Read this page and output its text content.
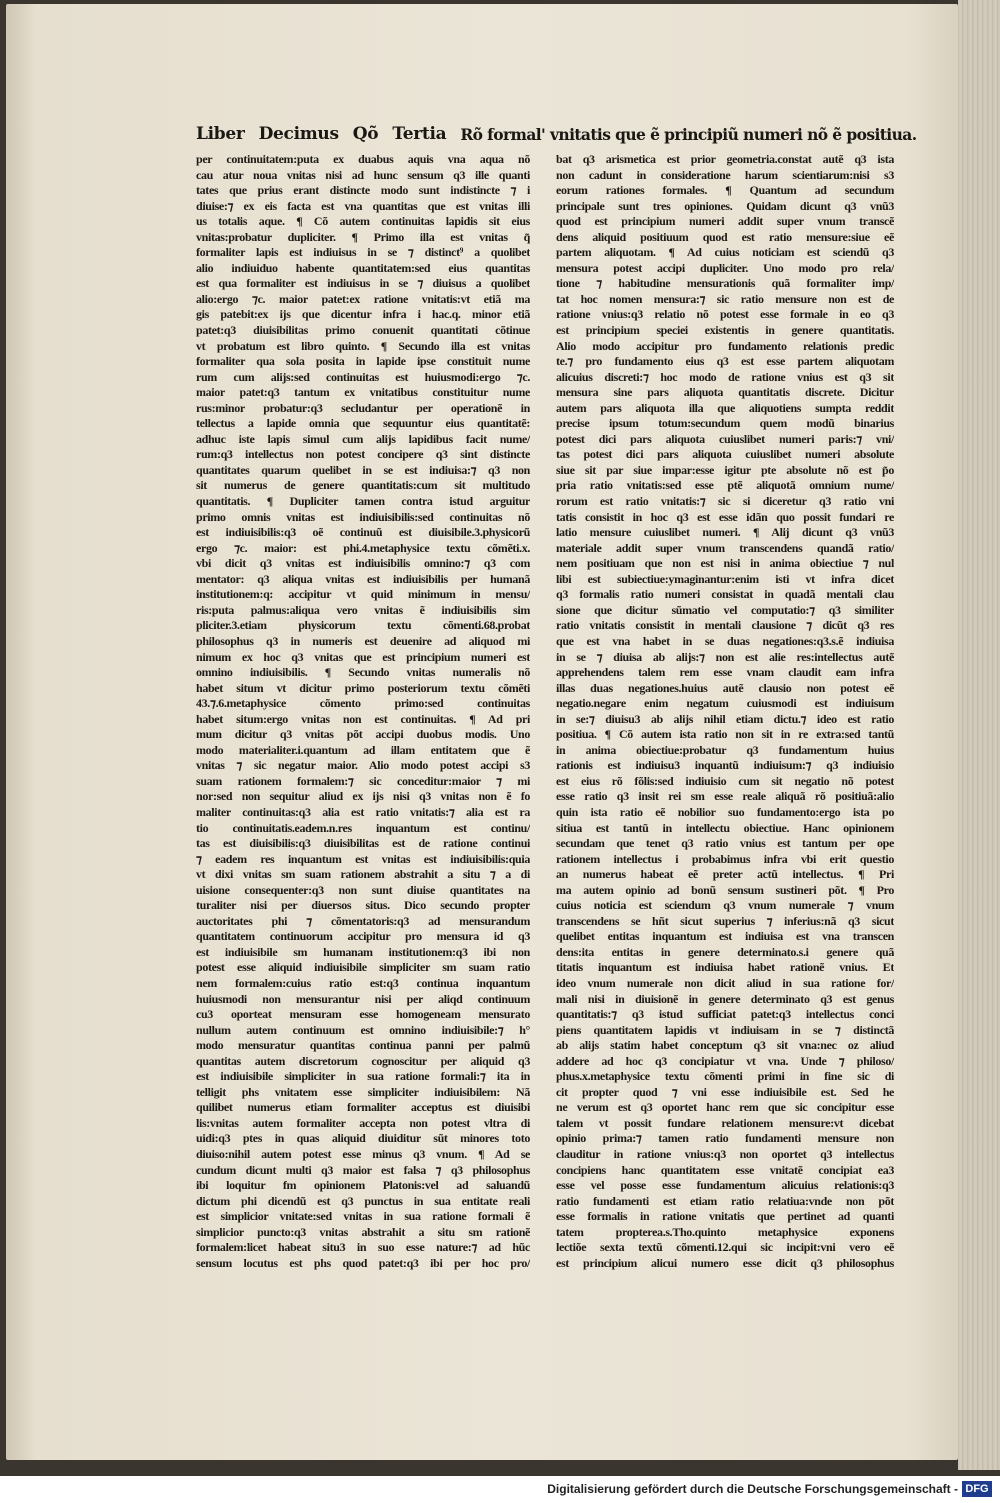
Liber Decimus Qõ Tertia Rõ formal' vnitatis que ẽ principiũ numeri nõ ẽ positiua.
per continuitatem:puta ex duabus aquis vna aqua nõ
cau atur noua vnitas nisi ad hunc sensum q3 ille quanti
tates que prius erant distincte modo sunt indistincte ⁊ i
diuise:⁊ ex eis facta est vna quantitas que est vnitas illi
us totalis aque. ¶ Cõ autem continuitas lapidis sit eius
vnitas:probatur dupliciter. ¶ Primo illa est vnitas q̃
formaliter lapis est indiuisus in se ⁊ distinct⁹ a quolibet
alio indiuiduo habente quantitatem:sed eius quantitas
est qua formaliter est indiuisus in se ⁊ diuisus a quolibet
alio:ergo ⁊c. maior patet:ex ratione vnitatis:vt etiã ma
gis patebit:ex ijs que dicentur infra i hac.q. minor etiã
patet:q3 diuisibilitas primo conuenit quantitati cõtinue
vt probatum est libro quinto. ¶ Secundo illa est vnitas
formaliter qua sola posita in lapide ipse constituit nume
rum cum alijs:sed continuitas est huiusmodi:ergo ⁊c.
maior patet:q3 tantum ex vnitatibus constituitur nume
rus:minor probatur:q3 secludantur per operationẽ in
tellectus a lapide omnia que sequuntur eius quantitatẽ:
adhuc iste lapis simul cum alijs lapidibus facit nume/
rum:q3 intellectus non potest concipere q3 sint distincte
quantitates quarum quelibet in se est indiuisa:⁊ q3 non
sit numerus de genere quantitatis:cum sit multitudo
quantitatis. ¶ Dupliciter tamen contra istud arguitur
primo omnis vnitas est indiuisibilis:sed continuitas nõ
est indiuisibilis:q3 oẽ continuũ est diuisibile.3.physicorũ
ergo ⁊c. maior: est phi.4.metaphysice textu cõmẽti.x.
vbi dicit q3 vnitas est indiuisibilis omnino:⁊ q3 com
mentator: q3 aliqua vnitas est indiuisibilis per humanã
institutionem:q: accipitur vt quid minimum in mensu/
ris:puta palmus:aliqua vero vnitas ẽ indiuisibilis sim
pliciter.3.etiam physicorum textu cõmenti.68.probat
philosophus q3 in numeris est deuenire ad aliquod mi
nimum ex hoc q3 vnitas que est principium numeri est
omnino indiuisibilis. ¶ Secundo vnitas numeralis nõ
habet situm vt dicitur primo posteriorum textu cõmẽti
43.⁊.6.metaphysice cõmento primo:sed continuitas
habet situm:ergo vnitas non est continuitas. ¶ Ad pri
mum dicitur q3 vnitas põt accipi duobus modis. Uno
modo materialiter.i.quantum ad illam entitatem que ẽ
vnitas ⁊ sic negatur maior. Alio modo potest accipi s3
suam rationem formalem:⁊ sic conceditur:maior ⁊ mi
nor:sed non sequitur aliud ex ijs nisi q3 vnitas non ẽ fo
maliter continuitas:q3 alia est ratio vnitatis:⁊ alia est ra
tio continuitatis.eadem.n.res inquantum est continu/
tas est diuisibilis:q3 diuisibilitas est de ratione continui
⁊ eadem res inquantum est vnitas est indiuisibilis:quia
vt dixi vnitas sm suam rationem abstrahit a situ ⁊ a di
uisione consequenter:q3 non sunt diuise quantitates na
turaliter nisi per diuersos situs. Dico secundo propter
auctoritates phi ⁊ cõmentatoris:q3 ad mensurandum
quantitatem continuorum accipitur pro mensura id q3
est indiuisibile sm humanam institutionem:q3 ibi non
potest esse aliquid indiuisibile simpliciter sm suam ratio
nem formalem:cuius ratio est:q3 continua inquantum
huiusmodi non mensurantur nisi per aliqd continuum
cu3 oporteat mensuram esse homogeneam mensurato
nullum autem continuum est omnino indiuisibile:⁊ h°
modo mensuratur quantitas continua panni per palmũ
quantitas autem discretorum cognoscitur per aliquid q3
est indiuisibile simpliciter in sua ratione formali:⁊ ita in
telligit phs vnitatem esse simpliciter indiuisibilem: Nã
quilibet numerus etiam formaliter acceptus est diuisibi
lis:vnitas autem formaliter accepta non potest vltra di
uidi:q3 ptes in quas aliquid diuiditur sũt minores toto
diuiso:nihil autem potest esse minus q3 vnum. ¶ Ad se
cundum dicunt multi q3 maior est falsa ⁊ q3 philosophus
ibi loquitur fm opinionem Platonis:vel ad saluandũ
dictum phi dicendũ est q3 punctus in sua entitate reali
est simplicior vnitate:sed vnitas in sua ratione formali ẽ
simplicior puncto:q3 vnitas abstrahit a situ sm rationẽ
formalem:licet habeat situ3 in suo esse nature:⁊ ad hũc
sensum locutus est phs quod patet:q3 ibi per hoc pro/
bat q3 arismetica est prior geometria.constat autẽ q3 ista
non cadunt in consideratione harum scientiarum:nisi s3
eorum rationes formales. ¶ Quantum ad secundum
principale sunt tres opiniones. Quidam dicunt q3 vnũ3
quod est principium numeri addit super vnum transcẽ
dens aliquid positiuum quod est ratio mensure:siue eẽ
partem aliquotam. ¶ Ad cuius noticiam est sciendũ q3
mensura potest accipi dupliciter. Uno modo pro rela/
tione ⁊ habitudine mensurationis quã formaliter imp/
tat hoc nomen mensura:⁊ sic ratio mensure non est de
ratione vnius:q3 relatio nõ potest esse formale in eo q3
est principium speciei existentis in genere quantitatis.
Alio modo accipitur pro fundamento relationis predic
te.⁊ pro fundamento eius q3 est esse partem aliquotam
alicuius discreti:⁊ hoc modo de ratione vnius est q3 sit
mensura sine pars aliquota quantitatis discrete. Dicitur
autem pars aliquota illa que aliquotiens sumpta reddit
precise ipsum totum:secundum quem modũ binarius
potest dici pars aliquota cuiuslibet numeri paris:⁊ vni/
tas potest dici pars aliquota cuiuslibet numeri absolute
siue sit par siue impar:esse igitur pte absolute nõ est p̃o
pria ratio vnitatis:sed esse ptẽ aliquotã omnium nume/
rorum est ratio vnitatis:⁊ sic si diceretur q3 ratio vni
tatis consistit in hoc q3 est esse idãn quo possit fundari re
latio mensure cuiuslibet numeri. ¶ Alij dicunt q3 vnũ3
materiale addit super vnum transcendens quandã ratio/
nem positiuam que non est nisi in anima obiectiue ⁊ nul
libi est subiectiue:ymaginantur:enim isti vt infra dicet
q3 formalis ratio numeri consistat in quadã mentali clau
sione que dicitur sũmatio vel computatio:⁊ q3 similiter
ratio vnitatis consistit in mentali clausione ⁊ dicũt q3 res
que est vna habet in se duas negationes:q3.s.ẽ indiuisa
in se ⁊ diuisa ab alijs:⁊ non est alie res:intellectus autẽ
apprehendens talem rem esse vnam claudit eam infra
illas duas negationes.huius autẽ clausio non potest eẽ
negatio.negare enim negatum cuiusmodi est indiuisum
in se:⁊ diuisu3 ab alijs nihil etiam dictu.⁊ ideo est ratio
positiua. ¶ Cõ autem ista ratio non sit in re extra:sed tantũ
in anima obiectiue:probatur q3 fundamentum huius
rationis est indiuisu3 inquantũ indiuisum:⁊ q3 indiuisio
est eius rõ fõlis:sed indiuisio cum sit negatio nõ potest
esse ratio q3 insit rei sm esse reale aliquã rõ positiuã:alio
quin ista ratio eẽ nobilior suo fundamento:ergo ista po
sitiua est tantũ in intellectu obiectiue. Hanc opinionem
secundam que tenet q3 ratio vnius est tantum per ope
rationem intellectus i probabimus infra vbi erit questio
an numerus habeat eẽ preter actũ intellectus. ¶ Pri
ma autem opinio ad bonũ sensum sustineri põt. ¶ Pro
cuius noticia est sciendum q3 vnum numerale ⁊ vnum
transcendens se hñt sicut superius ⁊ inferius:nã q3 sicut
quelibet entitas inquantum est indiuisa est vna transcen
dens:ita entitas in genere determinato.s.i genere quã
titatis inquantum est indiuisa habet rationẽ vnius. Et
ideo vnum numerale non dicit aliud in sua ratione for/
mali nisi in diuisionẽ in genere determinato q3 est genus
quantitatis:⁊ q3 istud sufficiat patet:q3 intellectus conci
piens quantitatem lapidis vt indiuisam in se ⁊ distinctã
ab alijs statim habet conceptum q3 sit vna:nec oz aliud
addere ad hoc q3 concipiatur vt vna. Unde ⁊ philoso/
phus.x.metaphysice textu cõmenti primi in fine sic di
cit propter quod ⁊ vni esse indiuisibile est. Sed he
ne verum est q3 oportet hanc rem que sic concipitur esse
talem vt possit fundare relationem mensure:vt dicebat
opinio prima:⁊ tamen ratio fundamenti mensure non
clauditur in ratione vnius:q3 non oportet q3 intellectus
concipiens hanc quantitatem esse vnitatẽ concipiat ea3
esse vel posse esse fundamentum alicuius relationis:q3
ratio fundamenti est etiam ratio relatiua:vnde non põt
esse formalis in ratione vnitatis que pertinet ad quanti
tatem propterea.s.Tho.quinto metaphysice exponens
lectiõe sexta textũ cõmenti.12.qui sic incipit:vni vero eẽ
est principium alicui numero esse dicit q3 philosophus
Digitalisierung gefördert durch die Deutsche Forschungsgemeinschaft - DFG
